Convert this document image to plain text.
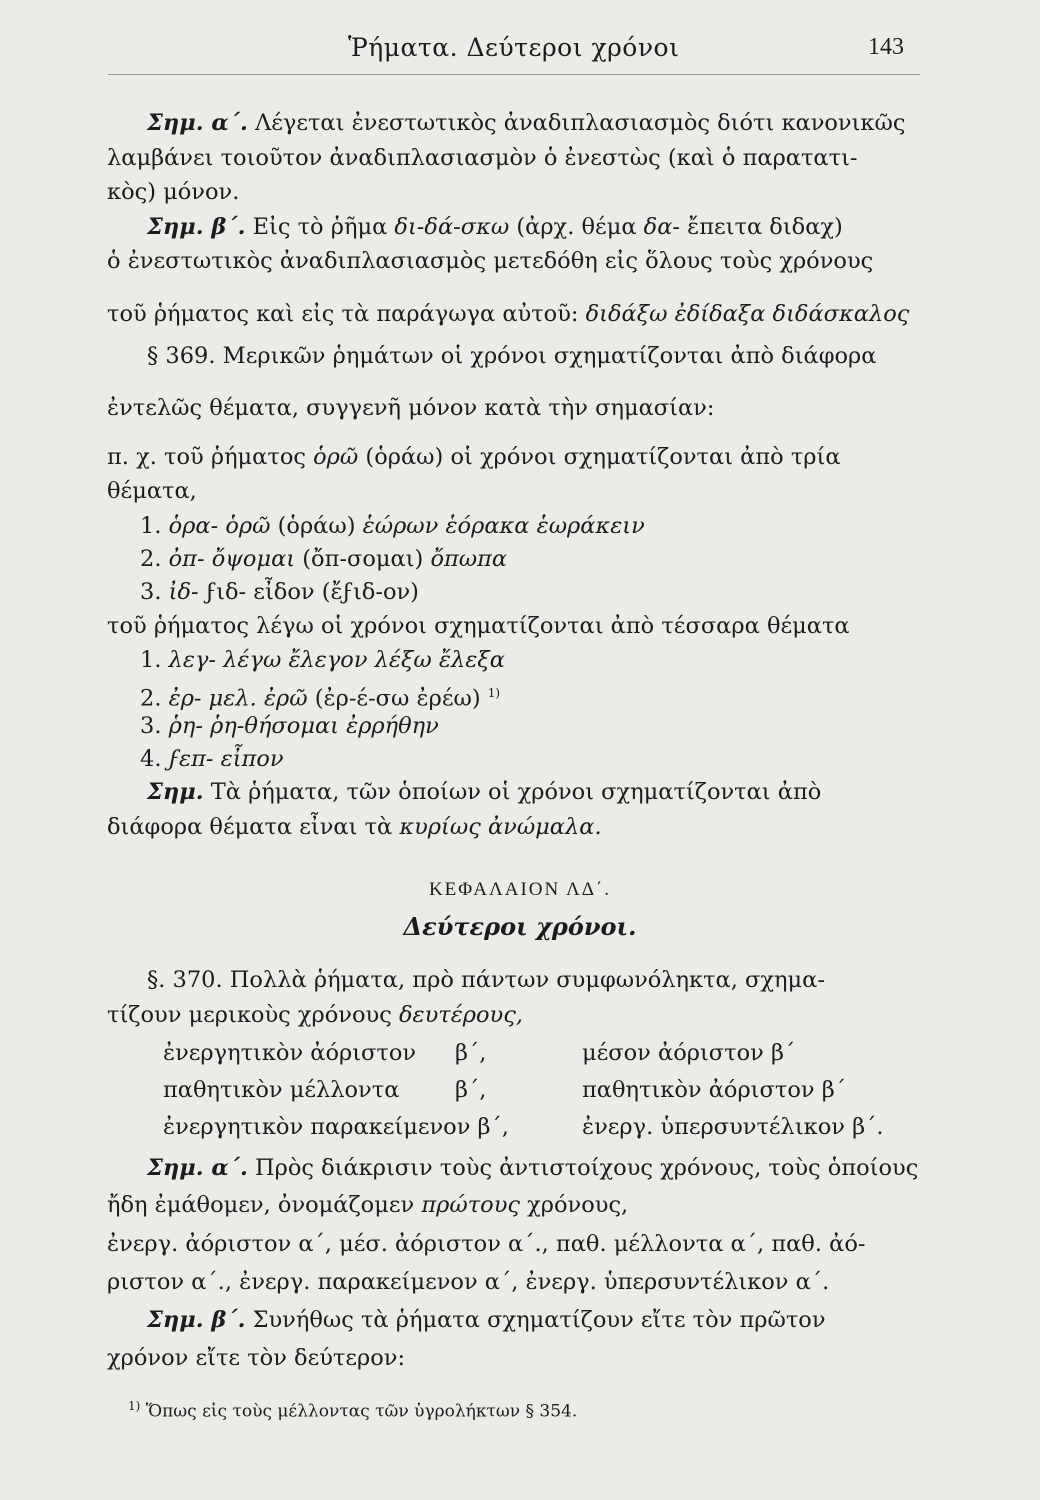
Ῥήματα. Δεύτεροι χρόνοι	143
Σημ. α΄. Λέγεται ἐνεστωτικὸς ἀναδιπλασιασμὸς διότι κανονικῶς
λαμβάνει τοιοῦτον ἀναδιπλασιασμὸν ὁ ἐνεστὼς (καὶ ὁ παρατατι-
κὸς) μόνον.
Σημ. β΄. Εἰς τὸ ῥῆμα δι-δά-σκω (ἀρχ. θέμα δα- ἔπειτα διδαχ)
ὁ ἐνεστωτικὸς ἀναδιπλασιασμὸς μετεδόθη εἰς ὅλους τοὺς χρόνους
τοῦ ῥήματος καὶ εἰς τὰ παράγωγα αὐτοῦ: διδάξω ἐδίδαξα διδάσκαλος
§ 369. Μερικῶν ῥημάτων οἱ χρόνοι σχηματίζονται ἀπὸ διάφορα
ἐντελῶς θέματα, συγγενῆ μόνον κατὰ τὴν σημασίαν:
π. χ. τοῦ ῥήματος ὁρῶ (ὁράω) οἱ χρόνοι σχηματίζονται ἀπὸ τρία
θέματα,
1. ὁρα- ὁρῶ (ὁράω) ἑώρων ἑόρακα ἑωράκειν
2. ὀπ- ὄψομαι (ὄπ-σομαι) ὄπωπα
3. ἰδ- ϝιδ- εἶδον (ἔϝιδ-ον)
τοῦ ῥήματος λέγω οἱ χρόνοι σχηματίζονται ἀπὸ τέσσαρα θέματα
1. λεγ- λέγω ἔλεγον λέξω ἔλεξα
2. ἐρ- μελ. ἐρῶ (ἐρ-έ-σω ἐρέω) $^{1)}$
3. ῥη- ῥη-θήσομαι ἐρρήθην
4. ϝεπ- εἶπον
Σημ. Τὰ ῥήματα, τῶν ὁποίων οἱ χρόνοι σχηματίζονται ἀπὸ
διάφορα θέματα εἶναι τὰ κυρίως ἀνώμαλα.
ΚΕΦΑΛΑΙΟΝ ΛΔ΄.
Δεύτεροι χρόνοι.
§. 370. Πολλὰ ῥήματα, πρὸ πάντων συμφωνόληκτα, σχημα-
τίζουν μερικοὺς χρόνους δευτέρους,
ἐνεργητικὸν ἀόριστον β΄,	μέσον ἀόριστον β΄
παθητικὸν μέλλοντα β΄,	παθητικὸν ἀόριστον β΄
ἐνεργητικὸν παρακείμενον β΄,	ἐνεργ. ὑπερσυντέλικον β΄.
Σημ. α΄. Πρὸς διάκρισιν τοὺς ἀντιστοίχους χρόνους, τοὺς ὁποίους
ἤδη ἐμάθομεν, ὀνομάζομεν πρώτους χρόνους,
ἐνεργ. ἀόριστον α΄, μέσ. ἀόριστον α΄., παθ. μέλλοντα α΄, παθ. ἀό-
ριστον α΄., ἐνεργ. παρακείμενον α΄, ἐνεργ. ὑπερσυντέλικον α΄.
Σημ. β΄. Συνήθως τὰ ῥήματα σχηματίζουν εἴτε τὸν πρῶτον
χρόνον εἴτε τὸν δεύτερον:
$^{1)}$ Ὅπως εἰς τοὺς μέλλοντας τῶν ὑγρολήκτων § 354.
